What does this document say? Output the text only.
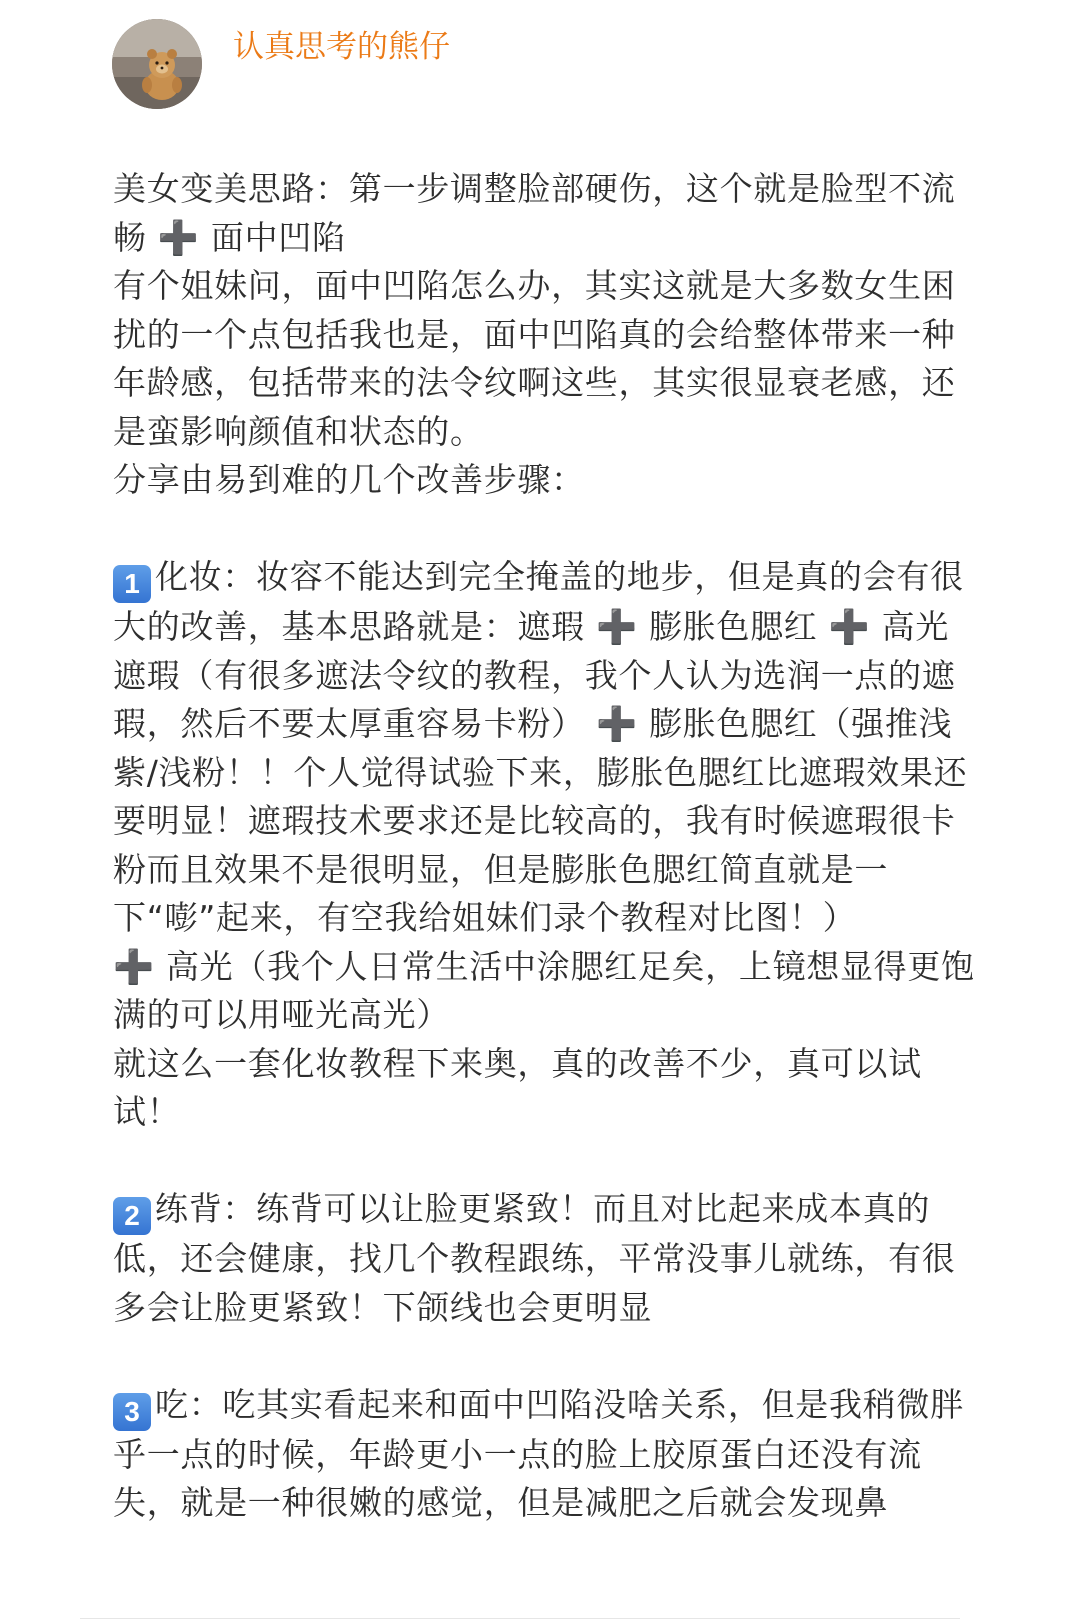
认真思考的熊仔
美女变美思路：第一步调整脸部硬伤，这个就是脸型不流畅 ➕ 面中凹陷
有个姐妹问，面中凹陷怎么办，其实这就是大多数女生困扰的一个点包括我也是，面中凹陷真的会给整体带来一种年龄感，包括带来的法令纹啊这些，其实很显衰老感，还是蛮影响颜值和状态的。
分享由易到难的几个改善步骤：
1 化妆：妆容不能达到完全掩盖的地步，但是真的会有很大的改善，基本思路就是：遮瑕 ➕ 膨胀色腮红 ➕ 高光
遮瑕（有很多遮法令纹的教程，我个人认为选润一点的遮瑕，然后不要太厚重容易卡粉） ➕ 膨胀色腮红（强推浅紫/浅粉！！个人觉得试验下来，膨胀色腮红比遮瑕效果还要明显！遮瑕技术要求还是比较高的，我有时候遮瑕很卡粉而且效果不是很明显，但是膨胀色腮红简直就是一下“嘭”起来，有空我给姐妹们录个教程对比图！）
➕ 高光（我个人日常生活中涂腮红足矣，上镜想显得更饱满的可以用哑光高光）
就这么一套化妆教程下来奥，真的改善不少，真可以试试！
2 练背：练背可以让脸更紧致！而且对比起来成本真的低，还会健康，找几个教程跟练，平常没事儿就练，有很多会让脸更紧致！下颌线也会更明显
3 吃：吃其实看起来和面中凹陷没啥关系，但是我稍微胖乎一点的时候，年龄更小一点的脸上胶原蛋白还没有流失，就是一种很嫩的感觉，但是减肥之后就会发现鼻
